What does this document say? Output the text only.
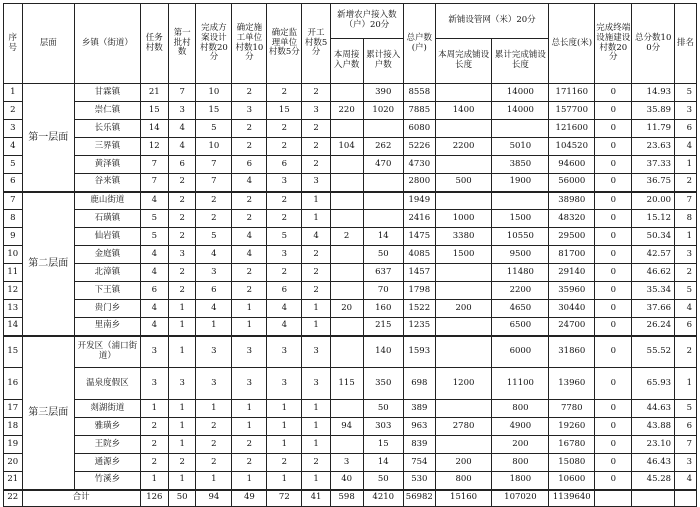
序号	层面	乡镇（街道）	任务村数	第一批村数	完成方案设计村数20分	确定施工单位村数10分	确定监理单位村数5分	开工村数5分	新增农户接入数（户）20分		总户数(户)	新铺设管网（米）20分		总长度(米)	完成终端设施建设村数20分	总分数100分	排名
									本周接入户数	累计接入户数		本周完成铺设长度	累计完成铺设长度				
1	第一层面	甘霖镇	21	7	10	2	2	2		390	8558		14000	171160	0	14.93	5
2		崇仁镇	15	3	15	3	15	3	220	1020	7885	1400	14000	157700	0	35.89	3
3		长乐镇	14	4	5	2	2	2			6080			121600	0	11.79	6
4		三界镇	12	4	10	2	2	2	104	262	5226	2200	5010	104520	0	23.63	4
5		黄泽镇	7	6	7	6	6	2		470	4730		3850	94600	0	37.33	1
6		谷来镇	7	2	7	4	3	3			2800	500	1900	56000	0	36.75	2
7	第二层面	鹿山街道	4	2	2	2	2	1			1949			38980	0	20.00	7
8		石璜镇	5	2	2	2	2	1			2416	1000	1500	48320	0	15.12	8
9		仙岩镇	5	2	5	4	5	4	2	14	1475	3380	10550	29500	0	50.34	1
10		金庭镇	4	3	4	4	3	2		50	4085	1500	9500	81700	0	42.57	3
11		北漳镇	4	2	3	2	2	2		637	1457		11480	29140	0	46.62	2
12		下王镇	6	2	6	2	6	2		70	1798		2200	35960	0	35.34	5
13		贵门乡	4	1	4	1	4	1	20	160	1522	200	4650	30440	0	37.66	4
14		里南乡	4	1	1	1	4	1		215	1235		6500	24700	0	26.24	6
15	第三层面	开发区（浦口街道）	3	1	3	3	3	3		140	1593		6000	31860	0	55.52	2
16		温泉度假区	3	3	3	3	3	3	115	350	698	1200	11100	13960	0	65.93	1
17		剡湖街道	1	1	1	1	1	1		50	389		800	7780	0	44.63	5
18		雅璜乡	2	1	2	1	1	1	94	303	963	2780	4900	19260	0	43.88	6
19		王院乡	2	1	2	2	1	1		15	839		200	16780	0	23.10	7
20		通源乡	2	2	2	2	2	2	3	14	754	200	800	15080	0	46.43	3
21		竹溪乡	1	1	1	1	1	1	40	50	530	800	1800	10600	0	45.28	4
22	合计		126	50	94	49	72	41	598	4210	56982	15160	107020	1139640			
